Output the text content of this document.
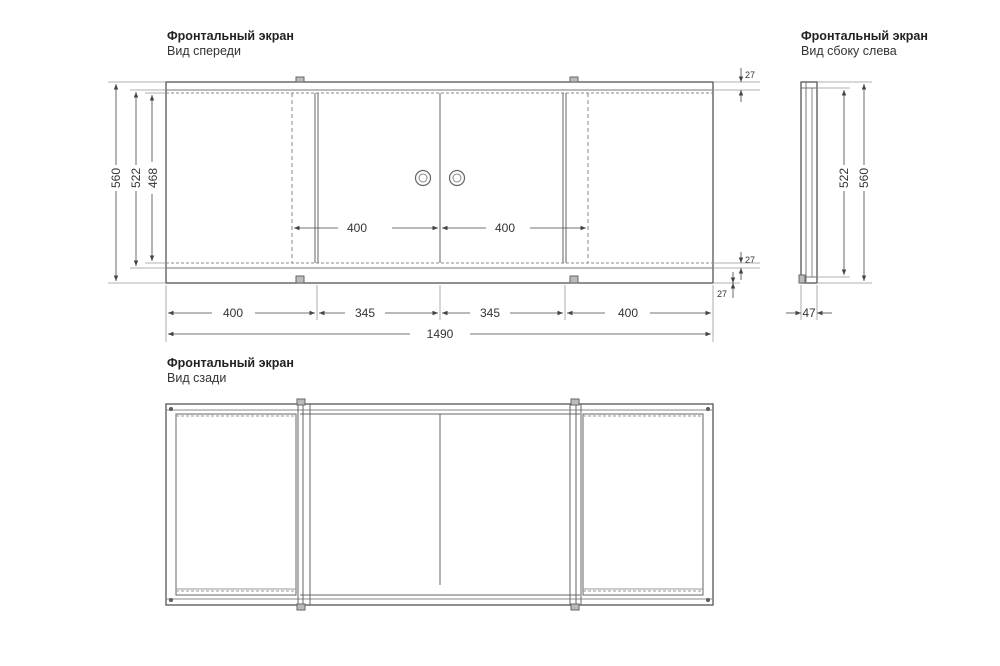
Фронтальный экран
Вид спереди
Фронтальный экран
Вид сбоку слева
Фронтальный экран
Вид сзади
560 522 468
27
27
27
400	400
400	345	345	400
1490
522 560
47
